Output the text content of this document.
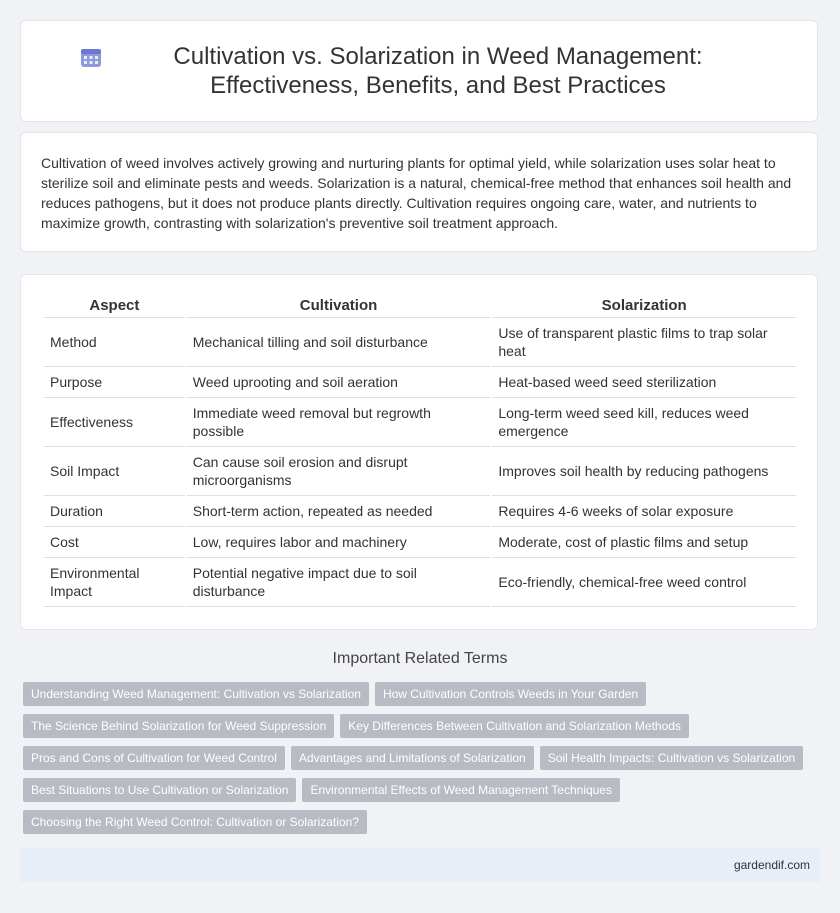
Cultivation vs. Solarization in Weed Management: Effectiveness, Benefits, and Best Practices

Cultivation of weed involves actively growing and nurturing plants for optimal yield, while solarization uses solar heat to sterilize soil and eliminate pests and weeds. Solarization is a natural, chemical-free method that enhances soil health and reduces pathogens, but it does not produce plants directly. Cultivation requires ongoing care, water, and nutrients to maximize growth, contrasting with solarization's preventive soil treatment approach.

Aspect	Cultivation	Solarization
Method	Mechanical tilling and soil disturbance	Use of transparent plastic films to trap solar heat
Purpose	Weed uprooting and soil aeration	Heat-based weed seed sterilization
Effectiveness	Immediate weed removal but regrowth possible	Long-term weed seed kill, reduces weed emergence
Soil Impact	Can cause soil erosion and disrupt microorganisms	Improves soil health by reducing pathogens
Duration	Short-term action, repeated as needed	Requires 4-6 weeks of solar exposure
Cost	Low, requires labor and machinery	Moderate, cost of plastic films and setup
Environmental Impact	Potential negative impact due to soil disturbance	Eco-friendly, chemical-free weed control
Important Related Terms
Understanding Weed Management: Cultivation vs Solarization How Cultivation Controls Weeds in Your Garden
The Science Behind Solarization for Weed Suppression Key Differences Between Cultivation and Solarization Methods
Pros and Cons of Cultivation for Weed Control Advantages and Limitations of Solarization Soil Health Impacts: Cultivation vs Solarization
Best Situations to Use Cultivation or Solarization Environmental Effects of Weed Management Techniques
Choosing the Right Weed Control: Cultivation or Solarization?
gardendif.com
